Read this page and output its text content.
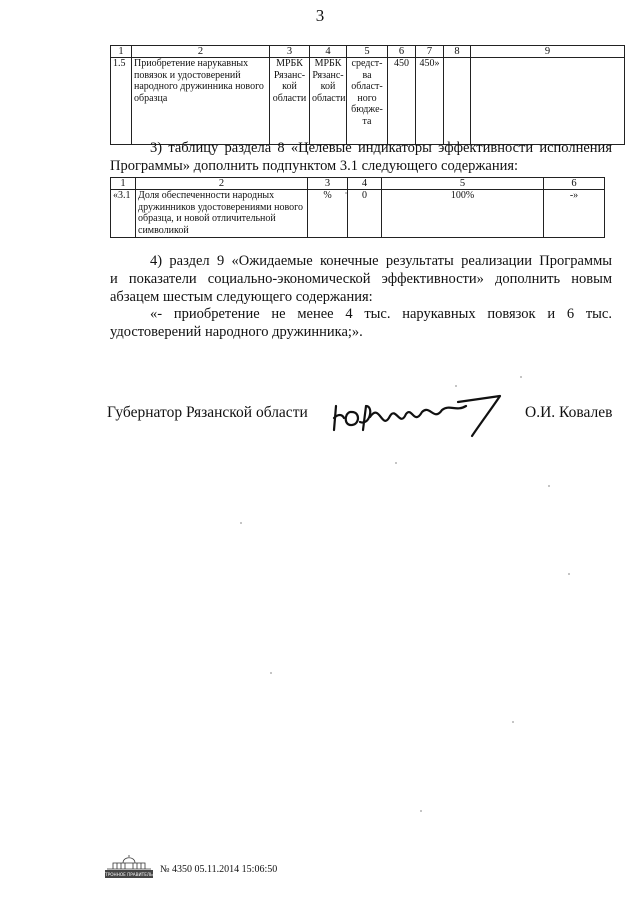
3
1	2	3	4	5	6	7	8	9
1.5	Приобретение нарукавных повязок и удостоверений народного дружинника нового образца	МРБК Рязанс-кой области	МРБК Рязанс-кой области	средст-ва област-ного бюдже-та	450	450»		
3) таблицу раздела 8 «Целевые индикаторы эффективности исполнения
Программы» дополнить подпунктом 3.1 следующего содержания:
1	2	3	4	5	6
«3.1	Доля обеспеченности народных дружинников удостоверениями нового образца, и новой отличительной символикой	%	0	100%	-»
4) раздел 9 «Ожидаемые конечные результаты реализации Программы
и показатели социально-экономической эффективности» дополнить новым
абзацем шестым следующего содержания:
«- приобретение не менее 4 тыс. нарукавных повязок и 6 тыс.
удостоверений народного дружинника;».
Губернатор Рязанской области	О.И. Ковалев
ЭЛЕКТРОННОЕ ПРАВИТЕЛЬСТВО
№ 4350 05.11.2014 15:06:50
